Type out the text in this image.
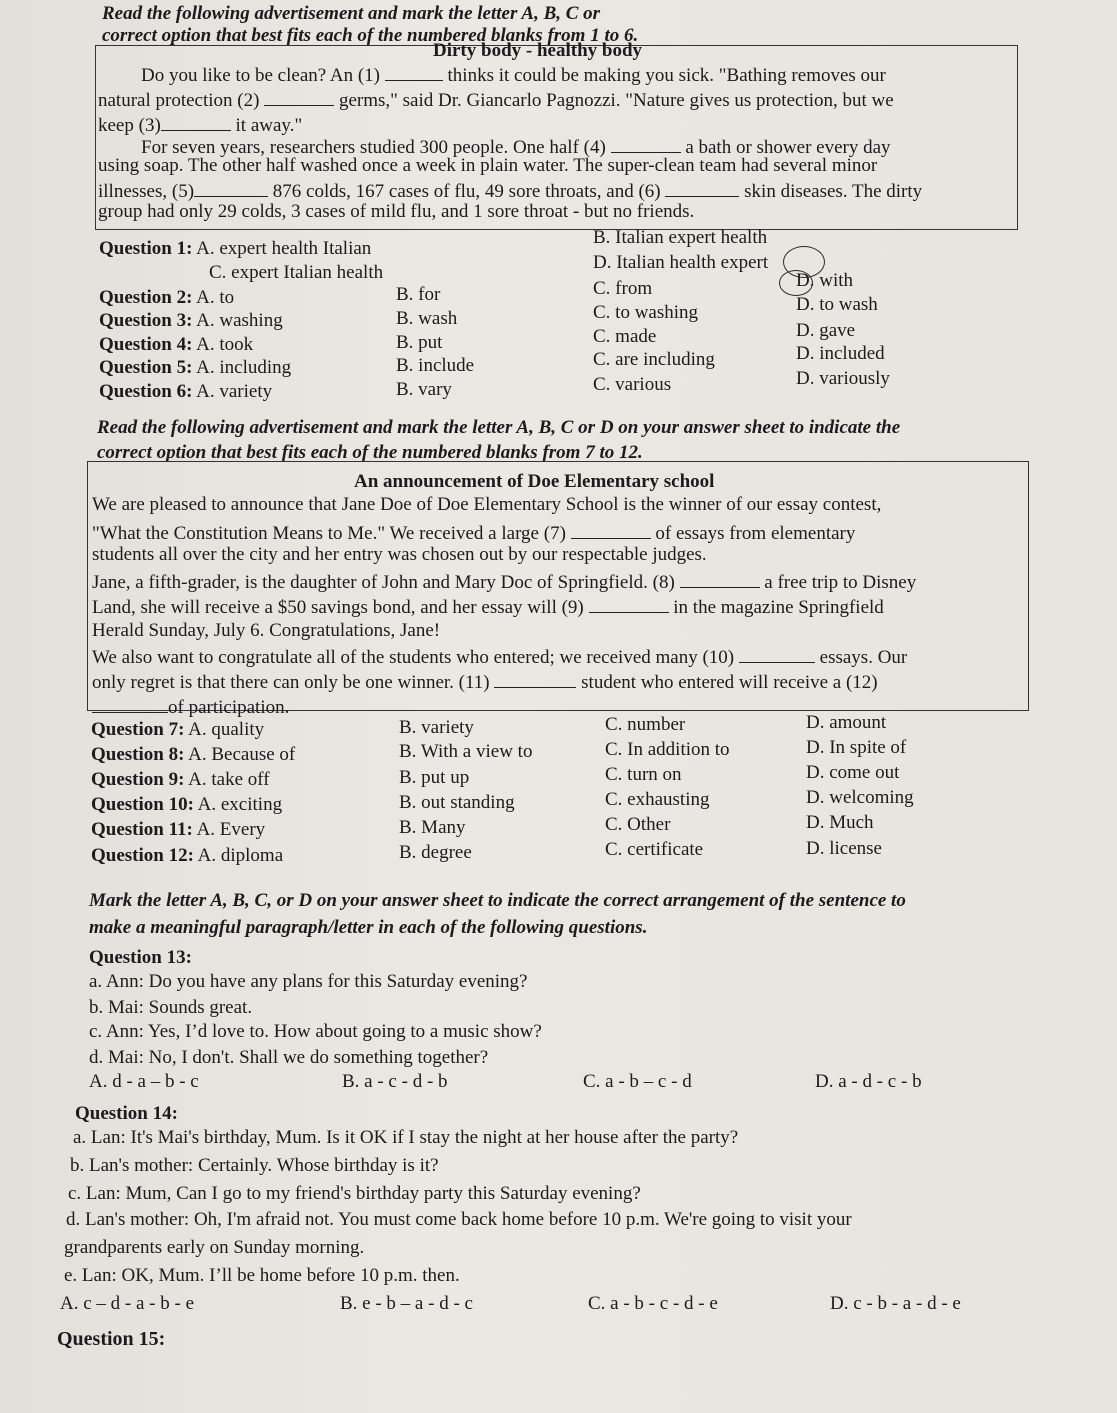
Read the following advertisement and mark the letter A, B, C or
correct option that best fits each of the numbered blanks from 1 to 6.
Dirty body - healthy body
Do you like to be clean? An (1)	thinks it could be making you sick. "Bathing removes our
natural protection (2)	germs," said Dr. Giancarlo Pagnozzi. "Nature gives us protection, but we
keep (3)	it away."
For seven years, researchers studied 300 people. One half (4)	a bath or shower every day
using soap. The other half washed once a week in plain water. The super-clean team had several minor
illnesses, (5)	876 colds, 167 cases of flu, 49 sore throats, and (6)	skin diseases. The dirty
group had only 29 colds, 3 cases of mild flu, and 1 sore throat - but no friends.
Question 1: A. expert health Italian
B. Italian expert health
C. expert Italian health	D. Italian health expert
Question 2: A. to	B. for	C. from	D. with
Question 3: A. washing	B. wash	C. to washing	D. to wash
Question 4: A. took	B. put	C. made	D. gave
Question 5: A. including	B. include	C. are including	D. included
Question 6: A. variety	B. vary	C. various	D. variously
Read the following advertisement and mark the letter A, B, C or D on your answer sheet to indicate the
correct option that best fits each of the numbered blanks from 7 to 12.
An announcement of Doe Elementary school
We are pleased to announce that Jane Doe of Doe Elementary School is the winner of our essay contest,
"What the Constitution Means to Me." We received a large (7)	of essays from elementary
students all over the city and her entry was chosen out by our respectable judges.
Jane, a fifth-grader, is the daughter of John and Mary Doc of Springfield. (8)	a free trip to Disney
Land, she will receive a $50 savings bond, and her essay will (9)	in the magazine Springfield
Herald Sunday, July 6. Congratulations, Jane!
We also want to congratulate all of the students who entered; we received many (10)	essays. Our
only regret is that there can only be one winner. (11)	student who entered will receive a (12)
of participation.
Question 7: A. quality	B. variety	C. number	D. amount
Question 8: A. Because of	B. With a view to	C. In addition to	D. In spite of
Question 9: A. take off	B. put up	C. turn on	D. come out
Question 10: A. exciting	B. out standing	C. exhausting	D. welcoming
Question 11: A. Every	B. Many	C. Other	D. Much
Question 12: A. diploma	B. degree	C. certificate	D. license
Mark the letter A, B, C, or D on your answer sheet to indicate the correct arrangement of the sentence to
make a meaningful paragraph/letter in each of the following questions.
Question 13:
a. Ann: Do you have any plans for this Saturday evening?
b. Mai: Sounds great.
c. Ann: Yes, I’d love to. How about going to a music show?
d. Mai: No, I don't. Shall we do something together?
A. d - a – b - c	B. a - c - d - b	C. a - b – c - d	D. a - d - c - b
Question 14:
a. Lan: It's Mai's birthday, Mum. Is it OK if I stay the night at her house after the party?
b. Lan's mother: Certainly. Whose birthday is it?
c. Lan: Mum, Can I go to my friend's birthday party this Saturday evening?
d. Lan's mother: Oh, I'm afraid not. You must come back home before 10 p.m. We're going to visit your
grandparents early on Sunday morning.
e. Lan: OK, Mum. I’ll be home before 10 p.m. then.
A. c – d - a - b - e	B. e - b – a - d - c	C. a - b - c - d - e	D. c - b - a - d - e
Question 15:
